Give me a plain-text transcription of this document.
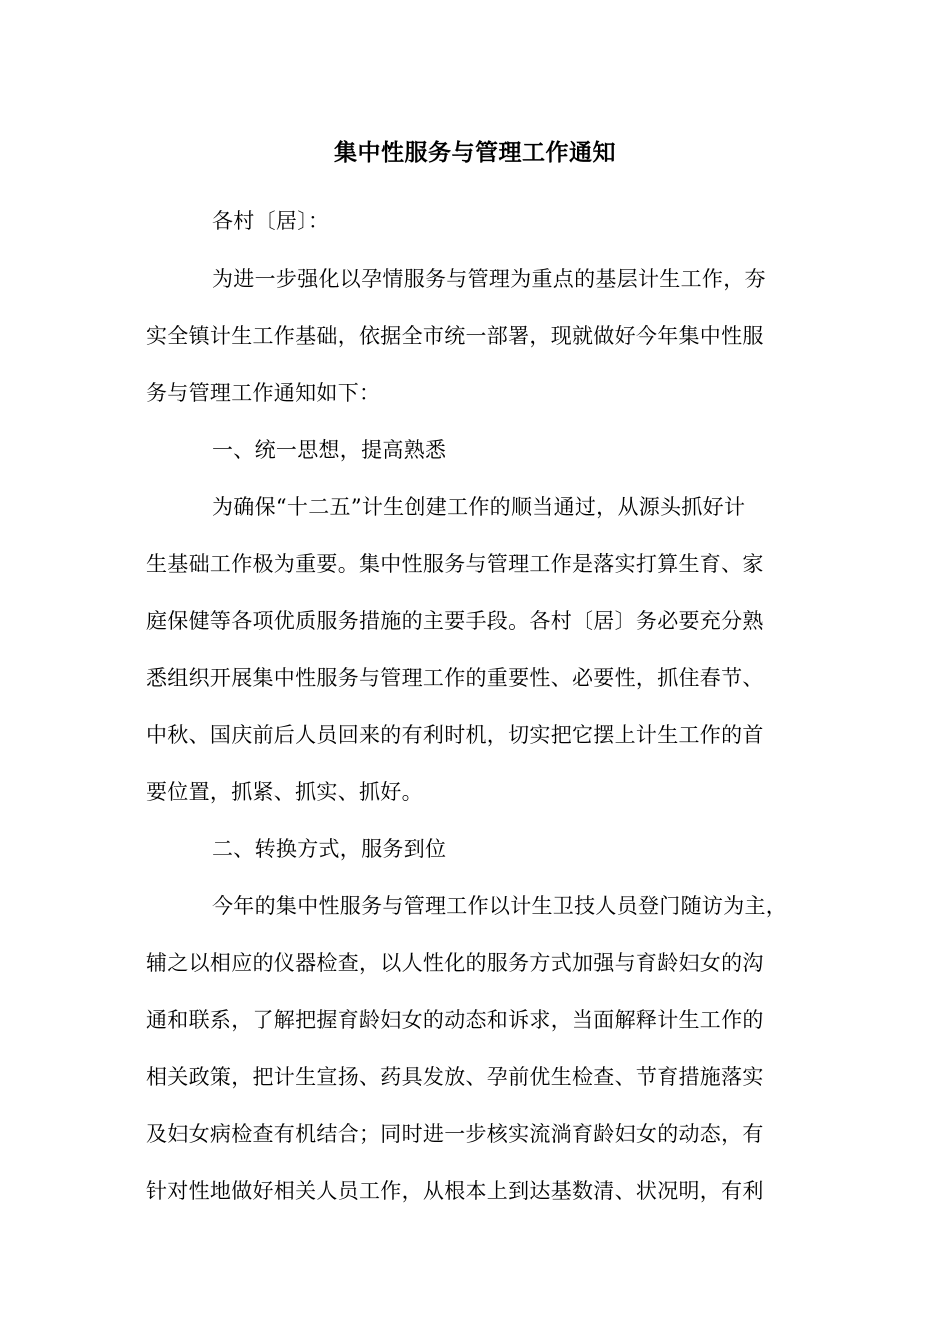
集中性服务与管理工作通知
各村〔居〕：
为进一步强化以孕情服务与管理为重点的基层计生工作，夯
实全镇计生工作基础，依据全市统一部署，现就做好今年集中性服
务与管理工作通知如下：
一、统一思想，提高熟悉
为确保“十二五”计生创建工作的顺当通过，从源头抓好计
生基础工作极为重要。集中性服务与管理工作是落实打算生育、家
庭保健等各项优质服务措施的主要手段。各村〔居〕务必要充分熟
悉组织开展集中性服务与管理工作的重要性、必要性，抓住春节、
中秋、国庆前后人员回来的有利时机，切实把它摆上计生工作的首
要位置，抓紧、抓实、抓好。
二、转换方式，服务到位
今年的集中性服务与管理工作以计生卫技人员登门随访为主，
辅之以相应的仪器检查，以人性化的服务方式加强与育龄妇女的沟
通和联系，了解把握育龄妇女的动态和诉求，当面解释计生工作的
相关政策，把计生宣扬、药具发放、孕前优生检查、节育措施落实
及妇女病检查有机结合；同时进一步核实流淌育龄妇女的动态，有
针对性地做好相关人员工作，从根本上到达基数清、状况明，有利
